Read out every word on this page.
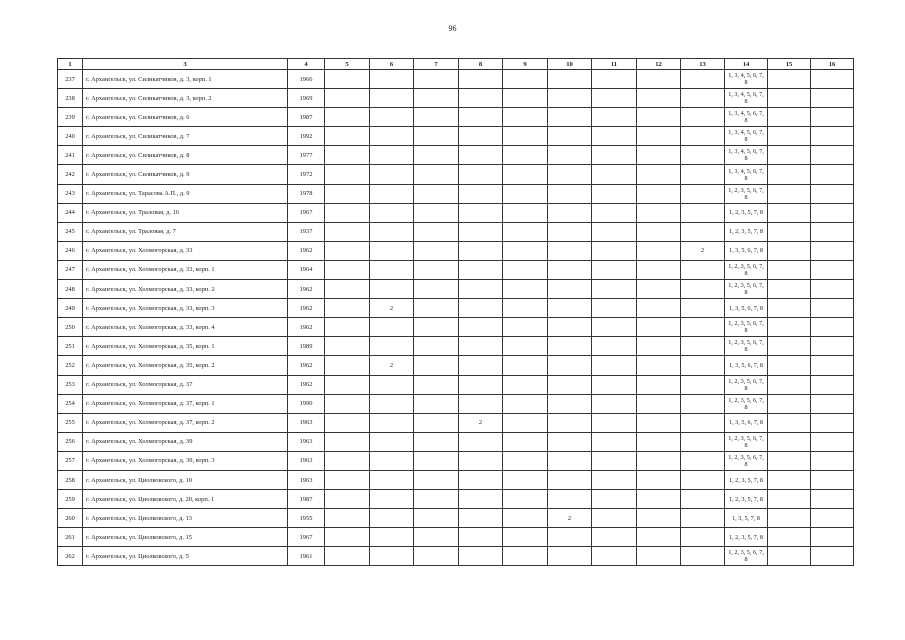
96
1	3	4	5	6	7	8	9	10	11	12	13	14	15	16
237	г. Архангельск, ул. Силикатчиков, д. 3, корп. 1	1966										1, 3, 4, 5, 6, 7, 8		
238	г. Архангельск, ул. Силикатчиков, д. 3, корп. 2	1969										1, 3, 4, 5, 6, 7, 8		
239	г. Архангельск, ул. Силикатчиков, д. 6	1987										1, 3, 4, 5, 6, 7, 8		
240	г. Архангельск, ул. Силикатчиков, д. 7	1992										1, 3, 4, 5, 6, 7, 8		
241	г. Архангельск, ул. Силикатчиков, д. 8	1977										1, 3, 4, 5, 6, 7, 8		
242	г. Архангельск, ул. Силикатчиков, д. 9	1972										1, 3, 4, 5, 6, 7, 8		
243	г. Архангельск, ул. Тарасова А.П., д. 9	1978										1, 2, 3, 5, 6, 7, 8		
244	г. Архангельск, ул. Траловая, д. 16	1967										1, 2, 3, 5, 7, 8		
245	г. Архангельск, ул. Траловая, д. 7	1937										1, 2, 3, 5, 7, 8		
246	г. Архангельск, ул. Холмогорская, д. 33	1962									2	1, 3, 5, 6, 7, 8		
247	г. Архангельск, ул. Холмогорская, д. 33, корп. 1	1964										1, 2, 3, 5, 6, 7, 8		
248	г. Архангельск, ул. Холмогорская, д. 33, корп. 2	1962										1, 2, 3, 5, 6, 7, 8		
249	г. Архангельск, ул. Холмогорская, д. 33, корп. 3	1962		2								1, 3, 5, 6, 7, 8		
250	г. Архангельск, ул. Холмогорская, д. 33, корп. 4	1962										1, 2, 3, 5, 6, 7, 8		
251	г. Архангельск, ул. Холмогорская, д. 35, корп. 1	1989										1, 2, 3, 5, 6, 7, 8		
252	г. Архангельск, ул. Холмогорская, д. 35, корп. 2	1962		2								1, 3, 5, 6, 7, 8		
253	г. Архангельск, ул. Холмогорская, д. 37	1962										1, 2, 3, 5, 6, 7, 8		
254	г. Архангельск, ул. Холмогорская, д. 37, корп. 1	1990										1, 2, 3, 5, 6, 7, 8		
255	г. Архангельск, ул. Холмогорская, д. 37, корп. 2	1963				2						1, 3, 5, 6, 7, 8		
256	г. Архангельск, ул. Холмогорская, д. 39	1963										1, 2, 3, 5, 6, 7, 8		
257	г. Архангельск, ул. Холмогорская, д. 39, корп. 3	1963										1, 2, 3, 5, 6, 7, 8		
258	г. Архангельск, ул. Циолковского, д. 10	1963										1, 2, 3, 5, 7, 8		
259	г. Архангельск, ул. Циолковского, д. 20, корп. 1	1987										1, 2, 3, 5, 7, 8		
260	г. Архангельск, ул. Циолковского, д. 13	1955						2				1, 3, 5, 7, 8		
261	г. Архангельск, ул. Циолковского, д. 15	1967										1, 2, 3, 5, 7, 8		
262	г. Архангельск, ул. Циолковского, д. 5	1961										1, 2, 3, 5, 6, 7, 8		
